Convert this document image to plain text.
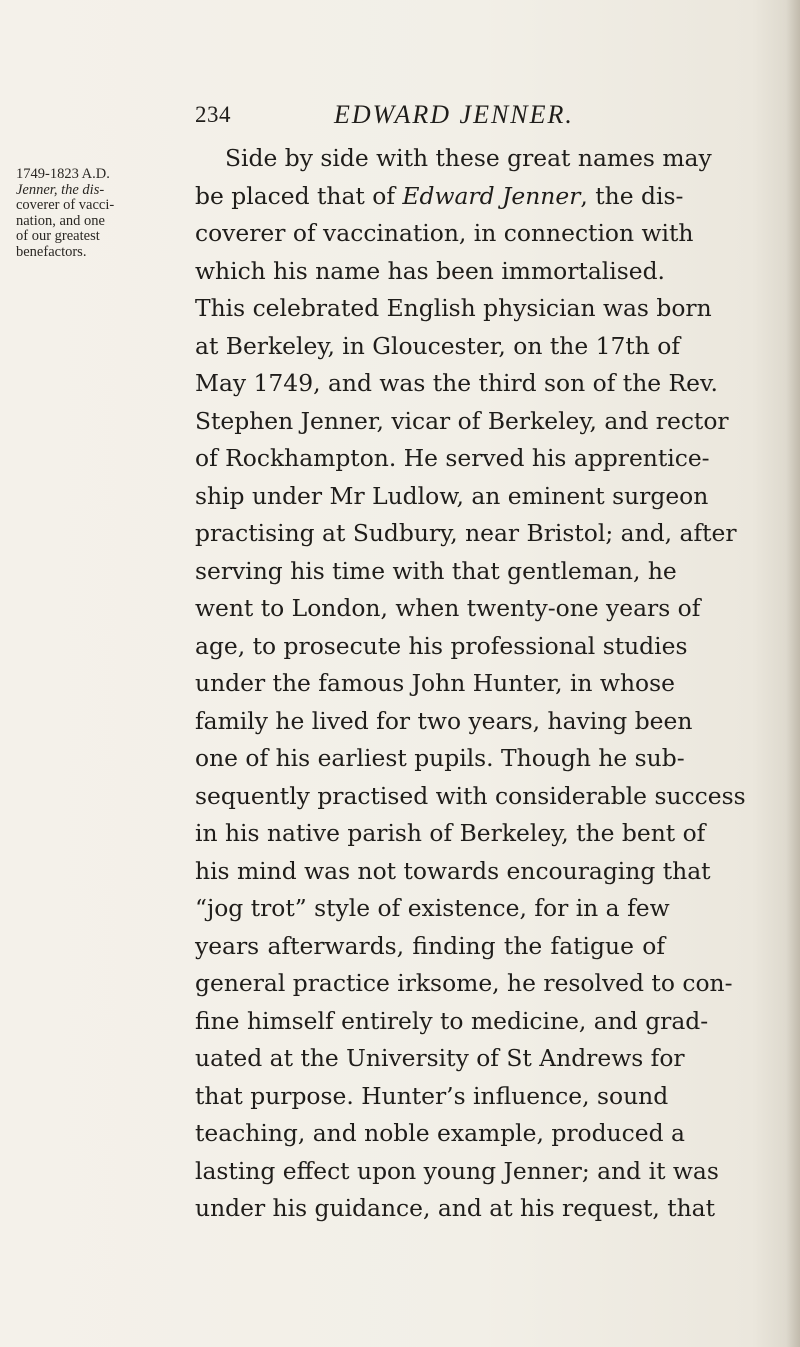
234	EDWARD JENNER.
1749-1823 A.D.
Jenner, the dis-
coverer of vacci-
nation, and one
of our greatest
benefactors.
Side by side with these great names may
be placed that of Edward Jenner, the dis-
coverer of vaccination, in connection with
which his name has been immortalised.
This celebrated English physician was born
at Berkeley, in Gloucester, on the 17th of
May 1749, and was the third son of the Rev.
Stephen Jenner, vicar of Berkeley, and rector
of Rockhampton. He served his apprentice-
ship under Mr Ludlow, an eminent surgeon
practising at Sudbury, near Bristol; and, after
serving his time with that gentleman, he
went to London, when twenty-one years of
age, to prosecute his professional studies
under the famous John Hunter, in whose
family he lived for two years, having been
one of his earliest pupils. Though he sub-
sequently practised with considerable success
in his native parish of Berkeley, the bent of
his mind was not towards encouraging that
“jog trot” style of existence, for in a few
years afterwards, finding the fatigue of
general practice irksome, he resolved to con-
fine himself entirely to medicine, and grad-
uated at the University of St Andrews for
that purpose. Hunter’s influence, sound
teaching, and noble example, produced a
lasting effect upon young Jenner; and it was
under his guidance, and at his request, that
